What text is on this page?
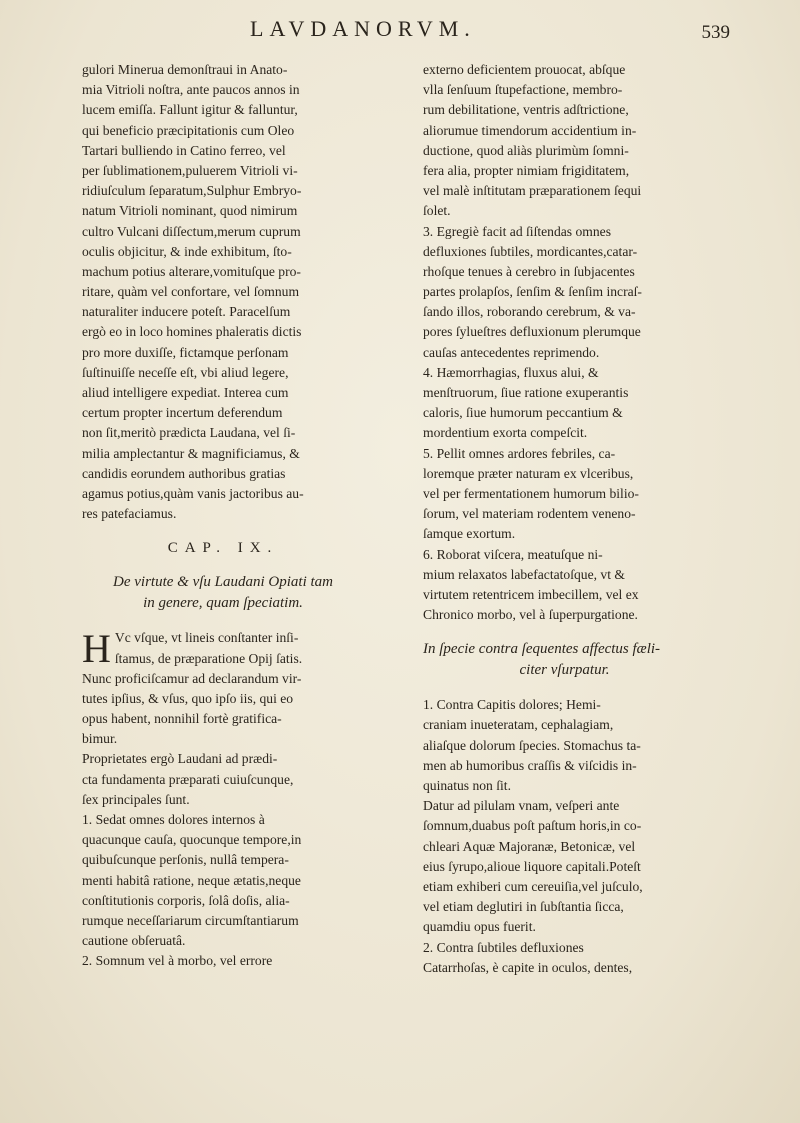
LAVDANORVM.	539
gulori Minerua demonſtraui in Anato-
mia Vitrioli noſtra, ante paucos annos in
lucem emiſſa. Fallunt igitur & falluntur,
qui beneficio præcipitationis cum Oleo
Tartari bulliendo in Catino ferreo, vel
per ſublimationem,puluerem Vitrioli vi-
ridiuſculum ſeparatum,Sulphur Embryo-
natum Vitrioli nominant, quod nimirum
cultro Vulcani diſſectum,merum cuprum
oculis objicitur, & inde exhibitum, ſto-
machum potius alterare,vomituſque pro-
ritare, quàm vel confortare, vel ſomnum
naturaliter inducere poteſt. Paracelſum
ergò eo in loco homines phaleratis dictis
pro more duxiſſe, fictamque perſonam
ſuſtinuiſſe neceſſe eſt, vbi aliud legere,
aliud intelligere expediat. Interea cum
certum propter incertum deferendum
non ſit,meritò prædicta Laudana, vel ſi-
milia amplectantur & magnificiamus, &
candidis eorundem authoribus gratias
agamus potius,quàm vanis jactoribus au-
res patefaciamus.
CAP. IX.
De virtute & vſu Laudani Opiati tam
in genere, quam ſpeciatim.
H Vc vſque, vt lineis conſtanter inſi-
ſtamus, de præparatione Opij ſatis.
Nunc proficiſcamur ad declarandum vir-
tutes ipſius, & vſus, quo ipſo iis, qui eo
opus habent, nonnihil fortè gratifica-
bimur.
Proprietates ergò Laudani ad prædi-
cta fundamenta præparati cuiuſcunque,
ſex principales ſunt.
1. Sedat omnes dolores internos à
quacunque cauſa, quocunque tempore,in
quibuſcunque perſonis, nullâ tempera-
menti habitâ ratione, neque ætatis,neque
conſtitutionis corporis, ſolâ doſis, alia-
rumque neceſſariarum circumſtantiarum
cautione obſeruatâ.
2. Somnum vel à morbo, vel errore
externo deficientem prouocat, abſque
vlla ſenſuum ſtupefactione, membro-
rum debilitatione, ventris adſtrictione,
aliorumue timendorum accidentium in-
ductione, quod aliàs plurimùm ſomni-
fera alia, propter nimiam frigiditatem,
vel malè inſtitutam præparationem ſequi
ſolet.
3. Egregiè facit ad ſiſtendas omnes
defluxiones ſubtiles, mordicantes,catar-
rhoſque tenues à cerebro in ſubjacentes
partes prolapſos, ſenſim & ſenſim incraſ-
ſando illos, roborando cerebrum, & va-
pores ſylueſtres defluxionum plerumque
cauſas antecedentes reprimendo.
4. Hæmorrhagias, fluxus alui, &
menſtruorum, ſiue ratione exuperantis
caloris, ſiue humorum peccantium &
mordentium exorta compeſcit.
5. Pellit omnes ardores febriles, ca-
loremque præter naturam ex vlceribus,
vel per fermentationem humorum bilio-
ſorum, vel materiam rodentem veneno-
ſamque exortum.
6. Roborat viſcera, meatuſque ni-
mium relaxatos labefactatoſque, vt &
virtutem retentricem imbecillem, vel ex
Chronico morbo, vel à ſuperpurgatione.
In ſpecie contra ſequentes affectus fæli-
citer vſurpatur.
1. Contra Capitis dolores; Hemi-
craniam inueteratam, cephalagiam,
aliaſque dolorum ſpecies. Stomachus ta-
men ab humoribus craſſis & viſcidis in-
quinatus non ſit.
Datur ad pilulam vnam, veſperi ante
ſomnum,duabus poſt paſtum horis,in co-
chleari Aquæ Majoranæ, Betonicæ, vel
eius ſyrupo,alioue liquore capitali.Poteſt
etiam exhiberi cum cereuiſia,vel juſculo,
vel etiam deglutiri in ſubſtantia ſicca,
quamdiu opus fuerit.
2. Contra ſubtiles defluxiones
Catarrhoſas, è capite in oculos, dentes,
